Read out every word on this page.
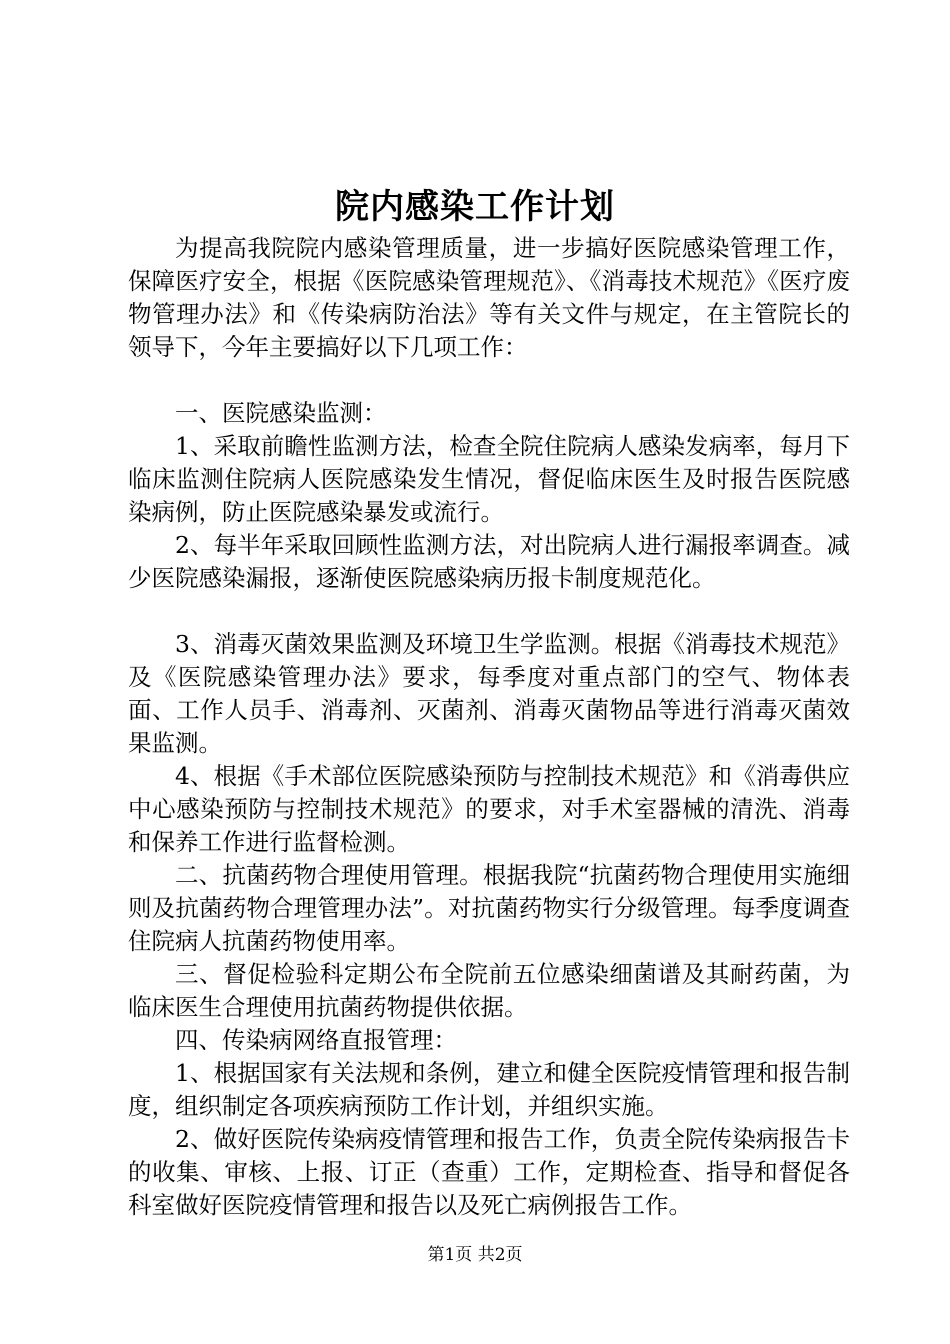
院内感染工作计划

为提高我院院内感染管理质量，进一步搞好医院感染管理工作，保障医疗安全，根据《医院感染管理规范》、《消毒技术规范》《医疗废物管理办法》和《传染病防治法》等有关文件与规定，在主管院长的领导下，今年主要搞好以下几项工作：

一、医院感染监测：

1、采取前瞻性监测方法，检查全院住院病人感染发病率，每月下临床监测住院病人医院感染发生情况，督促临床医生及时报告医院感染病例，防止医院感染暴发或流行。

2、每半年采取回顾性监测方法，对出院病人进行漏报率调查。减少医院感染漏报，逐渐使医院感染病历报卡制度规范化。

3、消毒灭菌效果监测及环境卫生学监测。根据《消毒技术规范》及《医院感染管理办法》要求，每季度对重点部门的空气、物体表面、工作人员手、消毒剂、灭菌剂、消毒灭菌物品等进行消毒灭菌效果监测。

4、根据《手术部位医院感染预防与控制技术规范》和《消毒供应中心感染预防与控制技术规范》的要求，对手术室器械的清洗、消毒和保养工作进行监督检测。

二、抗菌药物合理使用管理。根据我院“抗菌药物合理使用实施细则及抗菌药物合理管理办法”。对抗菌药物实行分级管理。每季度调查住院病人抗菌药物使用率。

三、督促检验科定期公布全院前五位感染细菌谱及其耐药菌，为临床医生合理使用抗菌药物提供依据。

四、传染病网络直报管理：

1、根据国家有关法规和条例，建立和健全医院疫情管理和报告制度，组织制定各项疾病预防工作计划，并组织实施。

2、做好医院传染病疫情管理和报告工作，负责全院传染病报告卡的收集、审核、上报、订正（查重）工作，定期检查、指导和督促各科室做好医院疫情管理和报告以及死亡病例报告工作。

第1页 共2页
